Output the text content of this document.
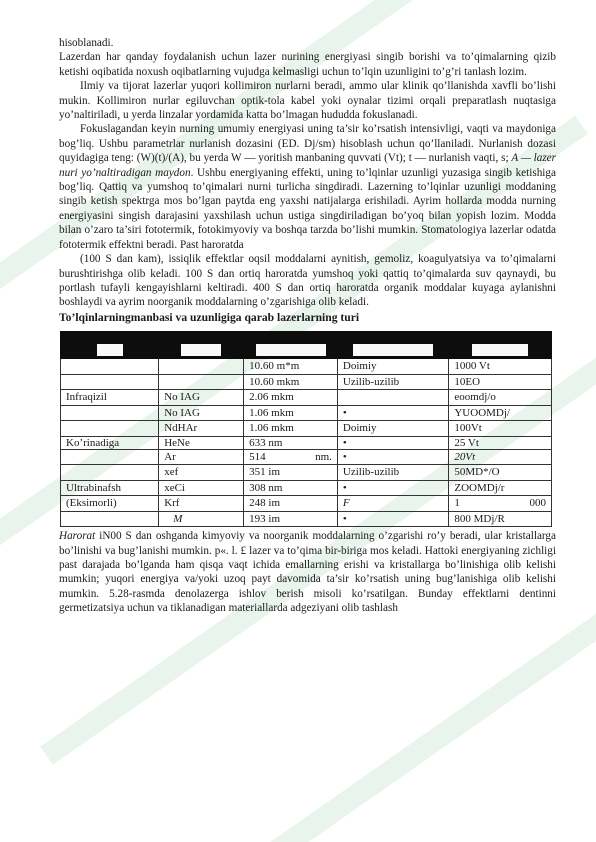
hisoblanadi.

Lazerdan har qanday foydalanish uchun lazer nurining energiyasi singib borishi va to’qimalarning qizib ketishi oqibatida noxush oqibatlarning vujudga kelmasligi uchun to’lqin uzunligini to’g’ri tanlash lozim.

Ilmiy va tijorat lazerlar yuqori kollimiron nurlarni beradi, ammo ular klinik qo’llanishda xavfli bo’lishi mukin. Kollimiron nurlar egiluvchan optik-tola kabel yoki oynalar tizimi orqali preparatlash nuqtasiga yo’naltiriladi, u yerda linzalar yordamida katta bo’lmagan hududda fokuslanadi.

Fokuslagandan keyin nurning umumiy energiyasi uning ta’sir ko’rsatish intensivligi, vaqti va maydoniga bog’liq. Ushbu parametrlar nurlanish dozasini (ED. Dj/sm) hisoblash uchun qo’llaniladi. Nurlanish dozasi quyidagiga teng: (W)(t)/(A), bu yerda W — yoritish manbaning quvvati (Vt); t — nurlanish vaqti, s; A — lazer nuri yo’naltiradigan maydon. Ushbu energiyaning effekti, uning to’lqinlar uzunligi yuzasiga singib ketishiga bog’liq. Qattiq va yumshoq to’qimalari nurni turlicha singdiradi. Lazerning to’lqinlar uzunligi moddaning singib ketish spektrga mos bo’lgan paytda eng yaxshi natijalarga erishiladi. Ayrim hollarda modda nurning energiyasini singish darajasini yaxshilash uchun ustiga singdiriladigan bo’yoq bilan yopish lozim. Modda bilan o’zaro ta’siri fototermik, fotokimyoviy va boshqa tarzda bo’lishi mumkin. Stomatologiya lazerlar odatda fototermik effektni beradi. Past haroratda

(100 S dan kam), issiqlik effektlar oqsil moddalarni aynitish, gemoliz, koagulyatsiya va to’qimalarni burushtirishga olib keladi. 100 S dan ortiq haroratda yumshoq yoki qattiq to’qimalarda suv qaynaydi, bu portlash tufayli kengayishlarni keltiradi. 400 S dan ortiq haroratda organik moddalar kuyaga aylanishni boshlaydi va ayrim noorganik moddalarning o’zgarishiga olib keladi.

To’lqinlarningmanbasi va uzunligiga qarab lazerlarning turi

		10.60 m*m	Doimiy	1000 Vt
		10.60 mkm	Uzilib-uzilib	10EO
Infraqizil	No IAG	2.06 mkm		eoomdj/o
	No IAG	1.06 mkm	•	YUOOMDj/
	NdHAr	1.06 mkm	Doimiy	100Vt
Ko’rinadiga	HeNe	633 nm	•	25 Vt
	Ar	514 nm.	•	20Vt
	xef	351 im	Uzilib-uzilib	50MD*/O
Ultrabinafsh	xeCi	308 nm	•	ZOOMDj/r
(Eksimorli)	Krf	248 im	F	1 000

	M	193 im	•	800 MDj/R

Harorat iN00 S dan oshganda kimyoviy va noorganik moddalarning o’zgarishi ro’y beradi, ular kristallarga bo’linishi va bug’lanishi mumkin. p«. l. £ lazer va to’qima bir-biriga mos keladi. Hattoki energiyaning zichligi past darajada bo’lganda ham qisqa vaqt ichida emallarning erishi va kristallarga bo’linishiga olib kelishi mumkin; yuqori energiya va/yoki uzoq payt davomida ta’sir ko’rsatish uning bug’lanishiga olib kelishi mumkin. 5.28-rasmda denolazerga ishlov berish misoli ko’rsatilgan. Bunday effektlarni dentinni germetizatsiya uchun va tiklanadigan materiallarda adgeziyani olib tashlash
